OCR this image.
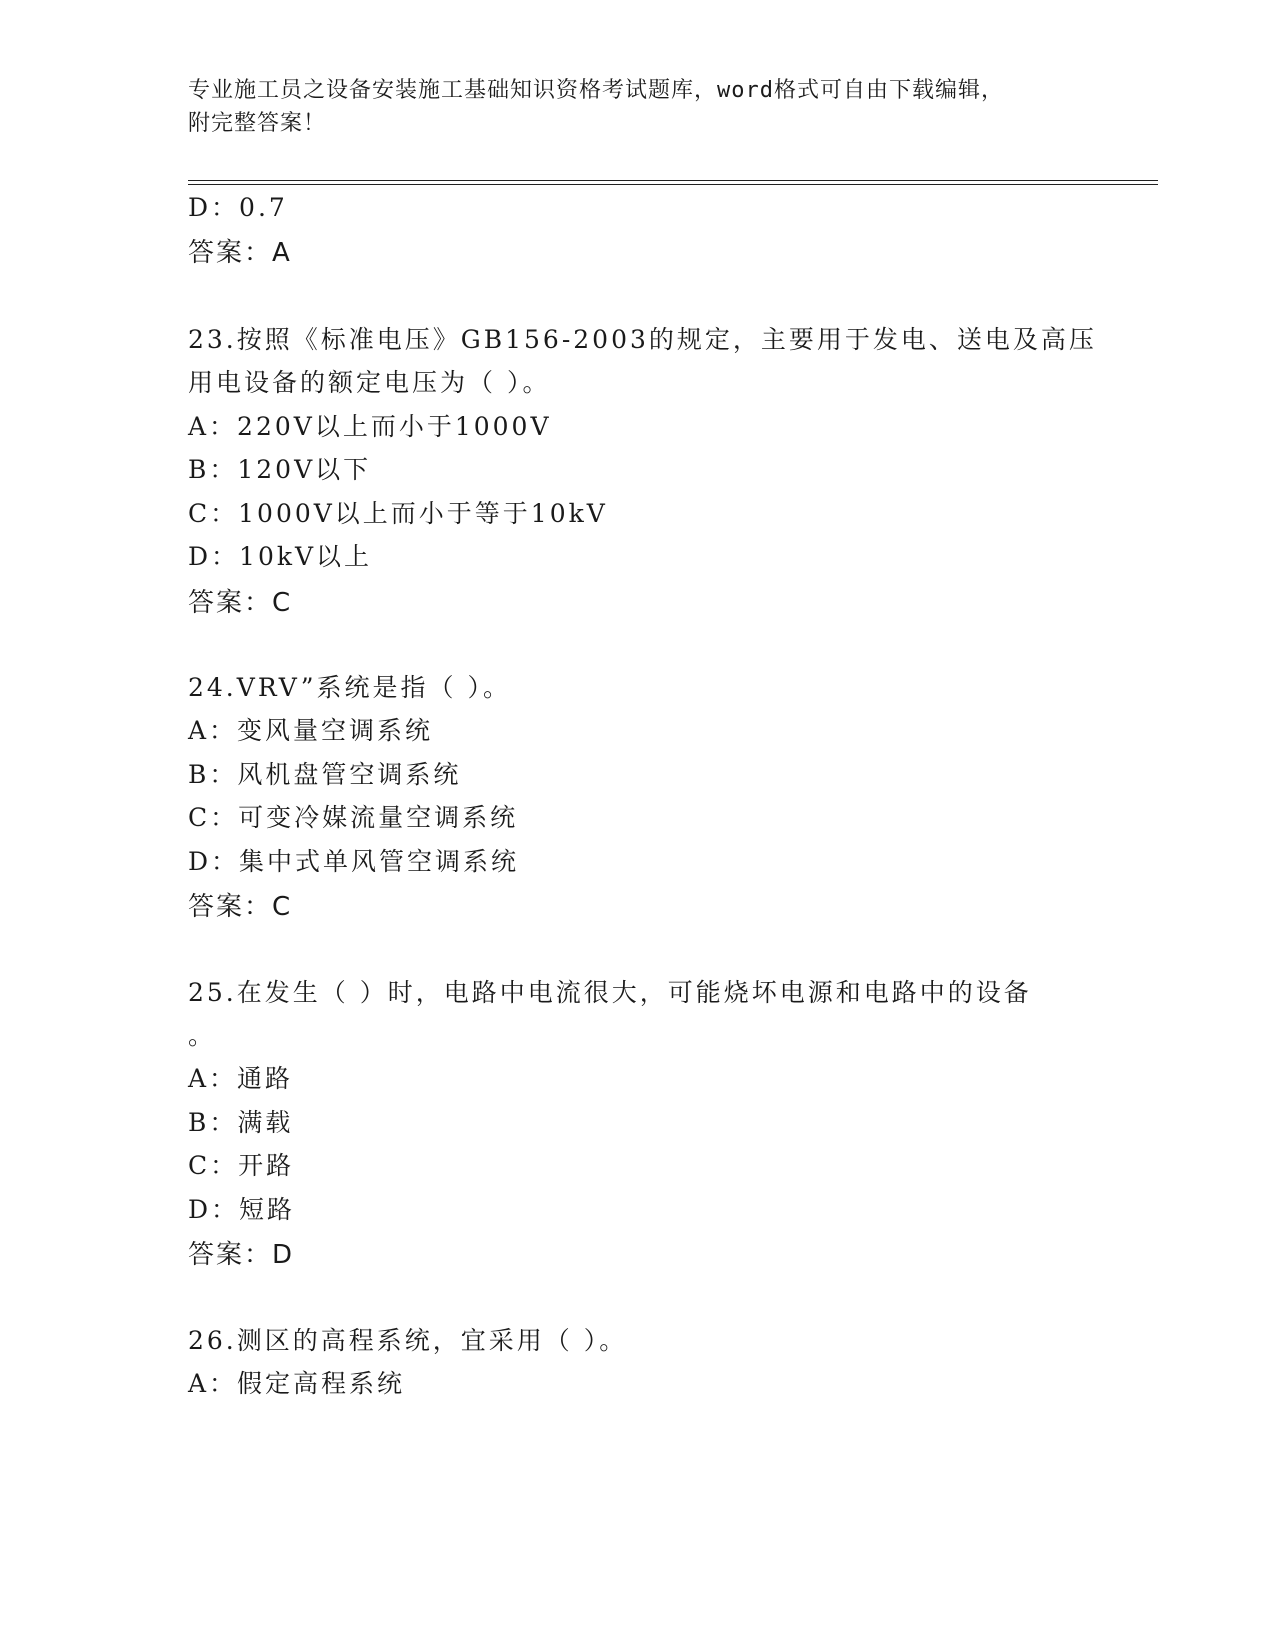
专业施工员之设备安装施工基础知识资格考试题库，word格式可自由下载编辑，
附完整答案！
D：0.7
答案：A
23.按照《标准电压》GB156-2003的规定，主要用于发电、送电及高压
用电设备的额定电压为（ ）。
A：220V以上而小于1000V
B：120V以下
C：1000V以上而小于等于10kV
D：10kV以上
答案：C
24.VRV”系统是指（ ）。
A：变风量空调系统
B：风机盘管空调系统
C：可变冷媒流量空调系统
D：集中式单风管空调系统
答案：C
25.在发生（ ）时，电路中电流很大，可能烧坏电源和电路中的设备
。
A：通路
B：满载
C：开路
D：短路
答案：D
26.测区的高程系统，宜采用（ ）。
A：假定高程系统
